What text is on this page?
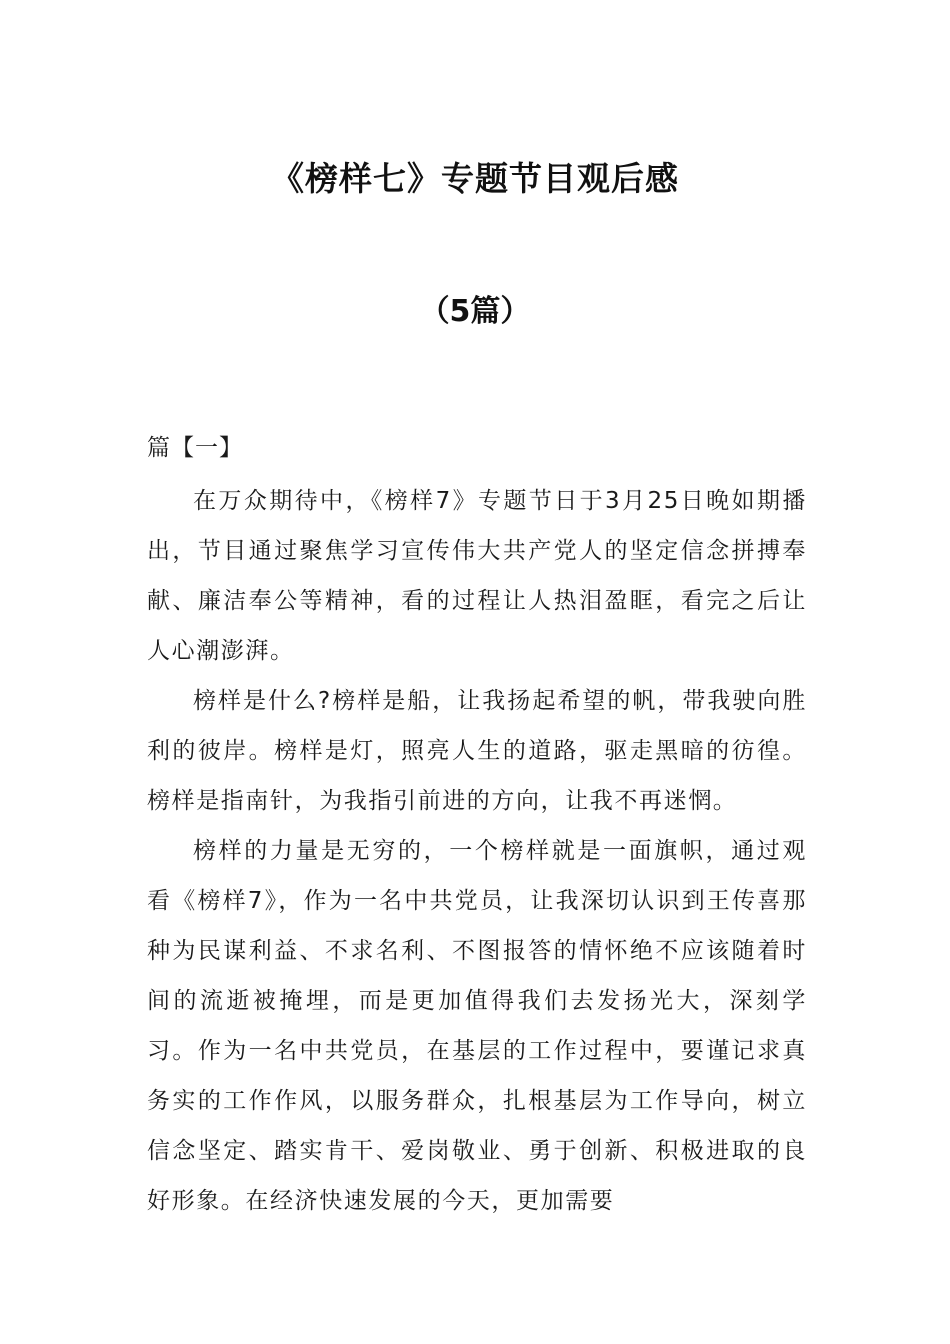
《榜样七》专题节目观后感
（5篇）
篇【一】

在万众期待中，《榜样7》专题节日于3月25日晚如期播出，节目通过聚焦学习宣传伟大共产党人的坚定信念拼搏奉献、廉洁奉公等精神，看的过程让人热泪盈眶，看完之后让人心潮澎湃。

榜样是什么?榜样是船，让我扬起希望的帆，带我驶向胜利的彼岸。榜样是灯，照亮人生的道路，驱走黑暗的彷徨。榜样是指南针，为我指引前进的方向，让我不再迷惘。

榜样的力量是无穷的，一个榜样就是一面旗帜，通过观看《榜样7》，作为一名中共党员，让我深切认识到王传喜那种为民谋利益、不求名利、不图报答的情怀绝不应该随着时间的流逝被掩埋，而是更加值得我们去发扬光大，深刻学习。作为一名中共党员，在基层的工作过程中，要谨记求真务实的工作作风，以服务群众，扎根基层为工作导向，树立信念坚定、踏实肯干、爱岗敬业、勇于创新、积极进取的良好形象。在经济快速发展的今天，更加需要
